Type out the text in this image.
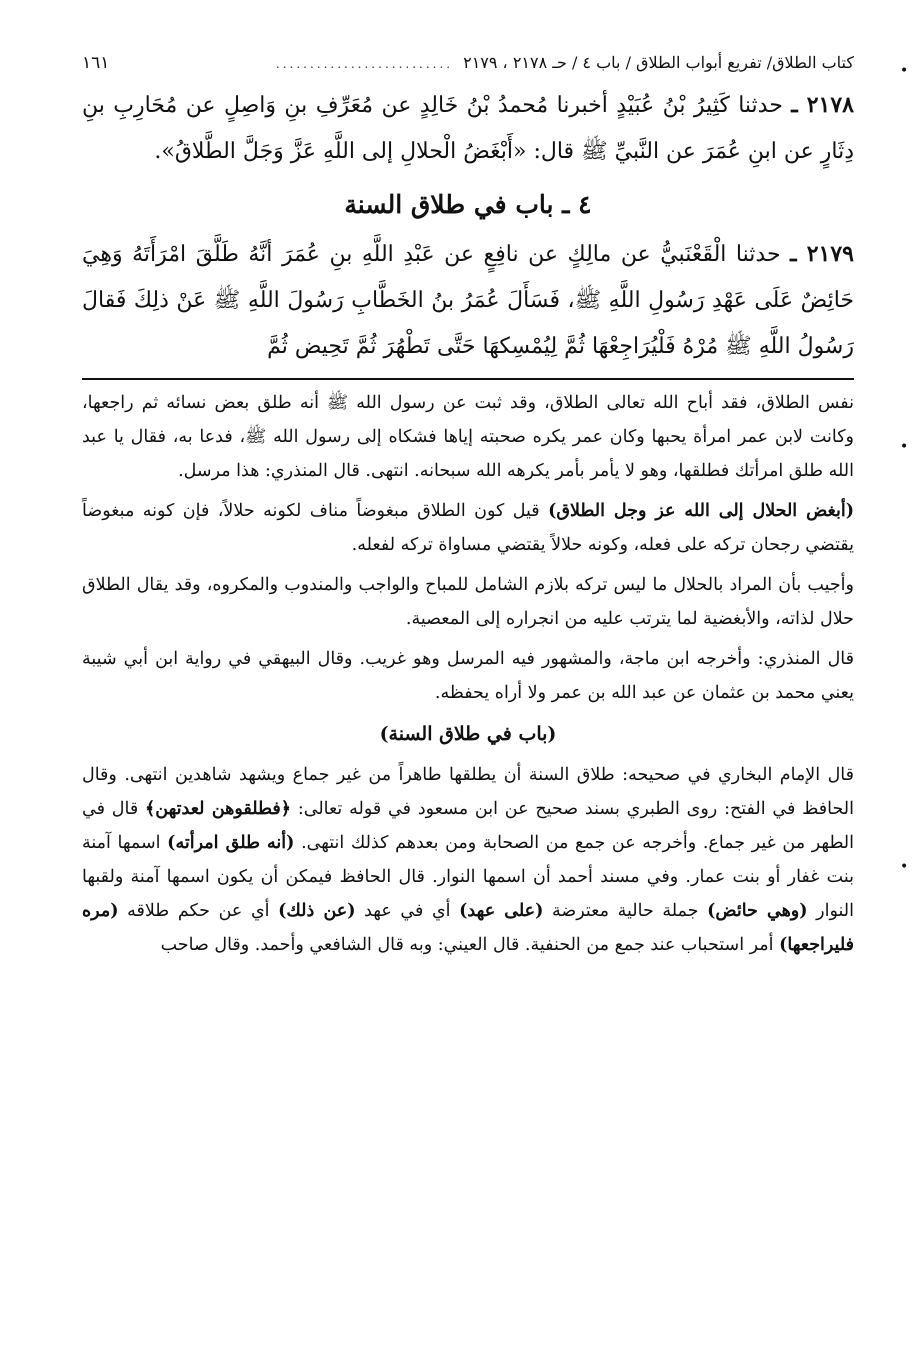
كتاب الطلاق/ تفريع أبواب الطلاق / باب ٤ / حـ ٢١٧٨ ، ٢١٧٩
..........................
١٦١
٢١٧٨ ـ حدثنا كَثِيرُ بْنُ عُبَيْدٍ أخبرنا مُحمدُ بْنُ خَالِدٍ عن مُعَرِّفِ بنِ وَاصِلٍ عن مُحَارِبِ بنِ دِثَارٍ عن ابنِ عُمَرَ عن النَّبيِّ ﷺ قال: «أَبْغَضُ الْحلالِ إلى اللَّهِ عَزَّ وَجَلَّ الطَّلاقُ».
٤ ـ باب في طلاق السنة
٢١٧٩ ـ حدثنا الْقَعْنَبيُّ عن مالِكٍ عن نافِعٍ عن عَبْدِ اللَّهِ بنِ عُمَرَ أنَّهُ طَلَّقَ امْرَأَتَهُ وَهِيَ حَائِضٌ عَلَى عَهْدِ رَسُولِ اللَّهِ ﷺ، فَسَأَلَ عُمَرُ بنُ الخَطَّابِ رَسُولَ اللَّهِ ﷺ عَنْ ذلِكَ فَقالَ رَسُولُ اللَّهِ ﷺ مُرْهُ فَلْيُرَاجِعْهَا ثُمَّ لِيُمْسِكهَا حَتَّى تَطْهُرَ ثُمَّ تَحِيض ثُمَّ

نفس الطلاق، فقد أباح الله تعالى الطلاق، وقد ثبت عن رسول الله ﷺ أنه طلق بعض نسائه ثم راجعها، وكانت لابن عمر امرأة يحبها وكان عمر يكره صحبته إياها فشكاه إلى رسول الله ﷺ، فدعا به، فقال يا عبد الله طلق امرأتك فطلقها، وهو لا يأمر بأمر يكرهه الله سبحانه. انتهى. قال المنذري: هذا مرسل.

(أبغض الحلال إلى الله عز وجل الطلاق) قيل كون الطلاق مبغوضاً مناف لكونه حلالاً، فإن كونه مبغوضاً يقتضي رجحان تركه على فعله، وكونه حلالاً يقتضي مساواة تركه لفعله.

وأجيب بأن المراد بالحلال ما ليس تركه بلازم الشامل للمباح والواجب والمندوب والمكروه، وقد يقال الطلاق حلال لذاته، والأبغضية لما يترتب عليه من انجراره إلى المعصية.

قال المنذري: وأخرجه ابن ماجة، والمشهور فيه المرسل وهو غريب. وقال البيهقي في رواية ابن أبي شيبة يعني محمد بن عثمان عن عبد الله بن عمر ولا أراه يحفظه.

(باب في طلاق السنة)

قال الإمام البخاري في صحيحه: طلاق السنة أن يطلقها طاهراً من غير جماع ويشهد شاهدين انتهى. وقال الحافظ في الفتح: روى الطبري بسند صحيح عن ابن مسعود في قوله تعالى: ﴿فطلقوهن لعدتهن﴾ قال في الطهر من غير جماع. وأخرجه عن جمع من الصحابة ومن بعدهم كذلك انتهى. (أنه طلق امرأته) اسمها آمنة بنت غفار أو بنت عمار. وفي مسند أحمد أن اسمها النوار. قال الحافظ فيمكن أن يكون اسمها آمنة ولقبها النوار (وهي حائض) جملة حالية معترضة (على عهد) أي في عهد (عن ذلك) أي عن حكم طلاقه (مره فليراجعها) أمر استحباب عند جمع من الحنفية. قال العيني: وبه قال الشافعي وأحمد. وقال صاحب

•
•
•
